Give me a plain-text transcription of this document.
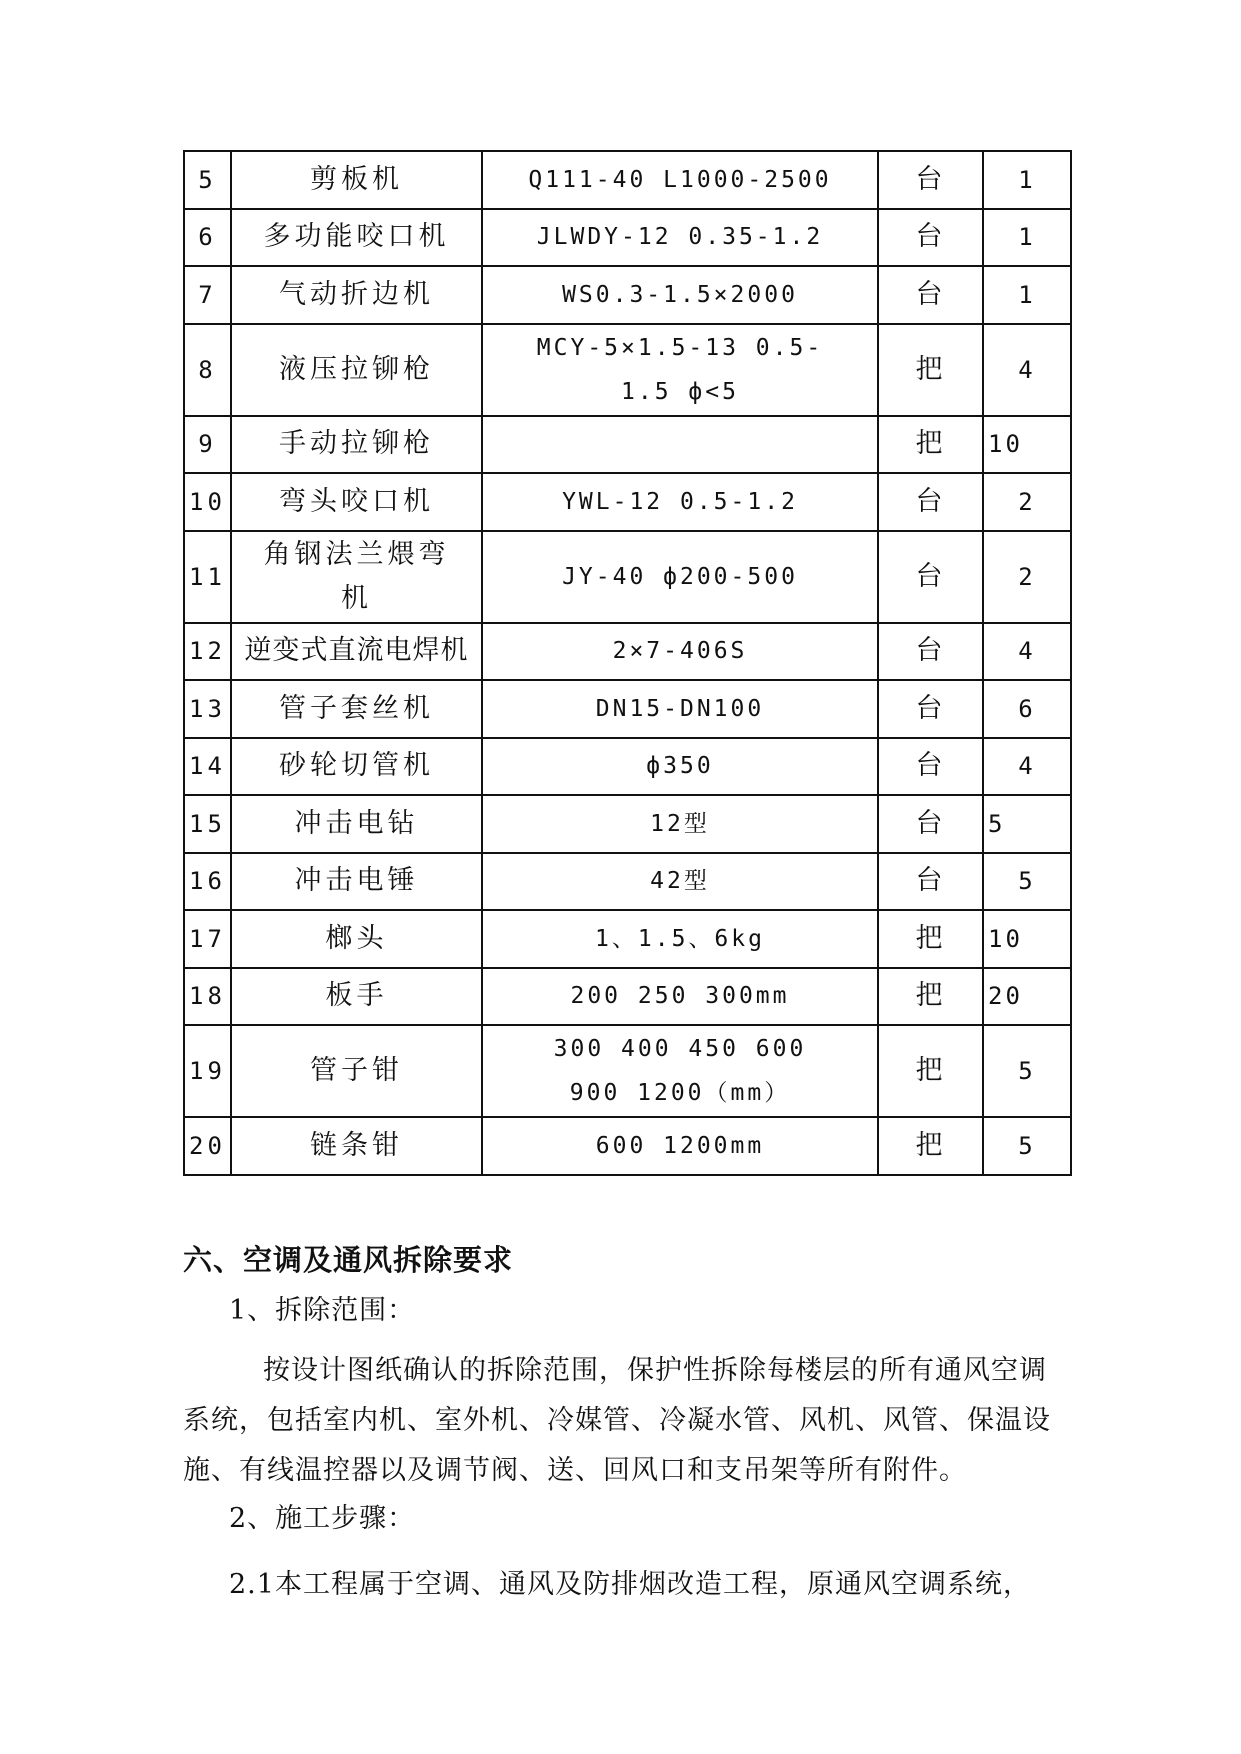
5	剪板机	Q111-40 L1000-2500	台	1
6	多功能咬口机	JLWDY-12 0.35-1.2	台	1
7	气动折边机	WS0.3-1.5×2000	台	1
8	液压拉铆枪	MCY-5×1.5-13 0.5-1.5 ф<5	把	4
9	手动拉铆枪		把	10
10	弯头咬口机	YWL-12 0.5-1.2	台	2
11	角钢法兰煨弯机	JY-40 ф200-500	台	2
12	逆变式直流电焊机	2×7-406S	台	4
13	管子套丝机	DN15-DN100	台	6
14	砂轮切管机	ф350	台	4
15	冲击电钻	12型	台	5
16	冲击电锤	42型	台	5
17	榔头	1、1.5、6kg	把	10
18	板手	200 250 300mm	把	20
19	管子钳	300 400 450 600 900 1200（mm）	把	5
20	链条钳	600 1200mm	把	5
六、空调及通风拆除要求
1、拆除范围：
按设计图纸确认的拆除范围，保护性拆除每楼层的所有通风空调系统，包括室内机、室外机、冷媒管、冷凝水管、风机、风管、保温设施、有线温控器以及调节阀、送、回风口和支吊架等所有附件。
2、施工步骤：
2.1本工程属于空调、通风及防排烟改造工程，原通风空调系统，
